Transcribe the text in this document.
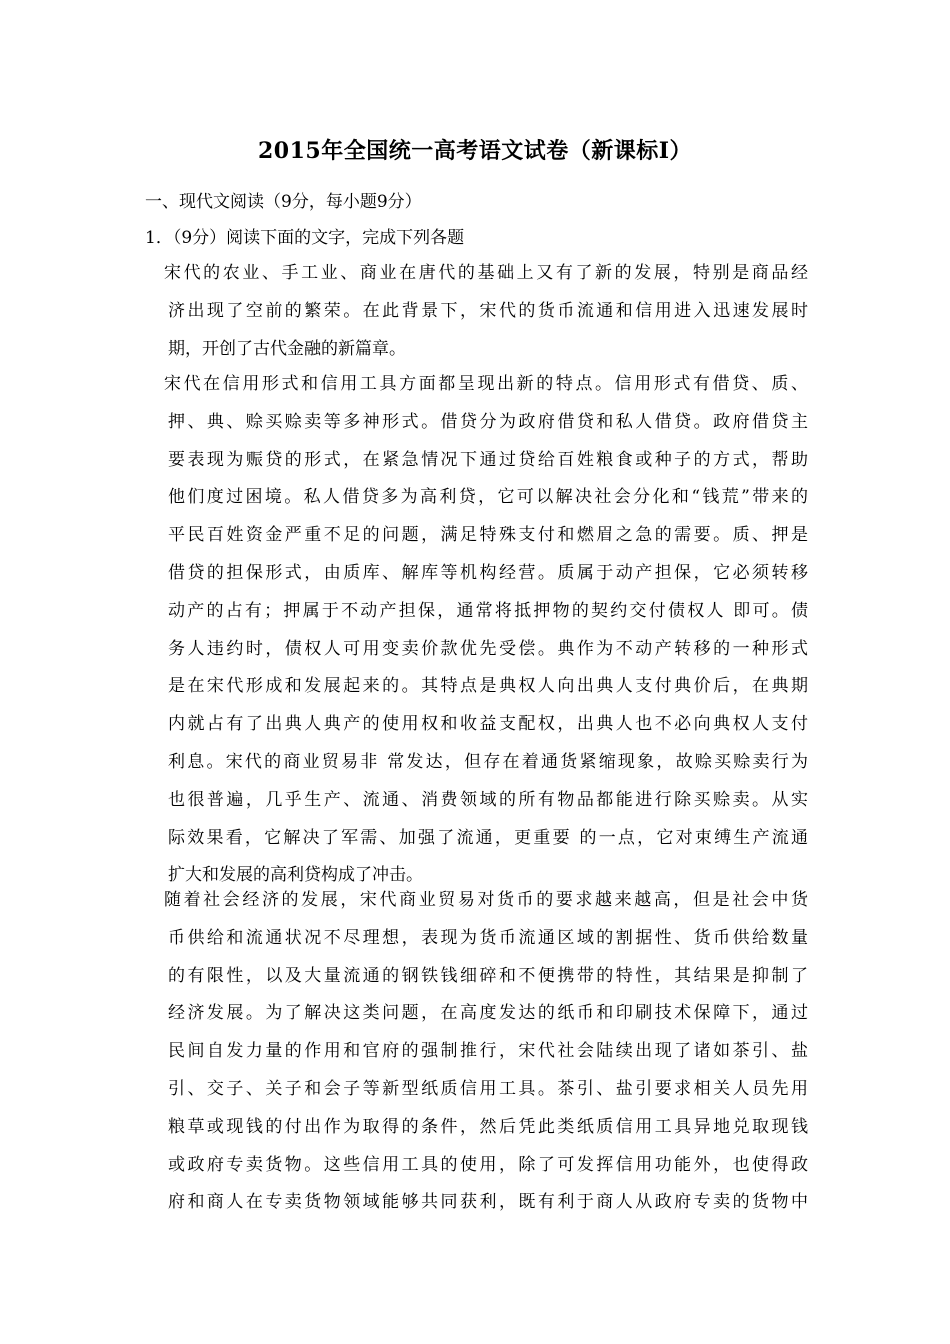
2015年全国统一高考语文试卷（新课标Ⅰ）
一、现代文阅读（9分，每小题9分）
1．（9分）阅读下面的文字，完成下列各题
宋代的农业、手工业、商业在唐代的基础上又有了新的发展，特别是商品经
济出现了空前的繁荣。在此背景下，宋代的货币流通和信用进入迅速发展时
期，开创了古代金融的新篇章。
宋代在信用形式和信用工具方面都呈现出新的特点。信用形式有借贷、质、
押、典、赊买赊卖等多神形式。借贷分为政府借贷和私人借贷。政府借贷主
要表现为赈贷的形式，在紧急情况下通过贷给百姓粮食或种子的方式，帮助
他们度过困境。私人借贷多为高利贷，它可以解决社会分化和“钱荒”带来的
平民百姓资金严重不足的问题，满足特殊支付和燃眉之急的需要。质、押是
借贷的担保形式，由质库、解库等机构经营。质属于动产担保，它必须转移
动产的占有；押属于不动产担保，通常将抵押物的契约交付债权人 即可。债
务人违约时，债权人可用变卖价款优先受偿。典作为不动产转移的一种形式
是在宋代形成和发展起来的。其特点是典权人向出典人支付典价后，在典期
内就占有了出典人典产的使用权和收益支配权，出典人也不必向典权人支付
利息。宋代的商业贸易非 常发达，但存在着通货紧缩现象，故赊买赊卖行为
也很普遍，几乎生产、流通、消费领域的所有物品都能进行除买赊卖。从实
际效果看，它解决了军需、加强了流通，更重要 的一点，它对束缚生产流通
扩大和发展的高利贷构成了冲击。
随着社会经济的发展，宋代商业贸易对货币的要求越来越高，但是社会中货
币供给和流通状况不尽理想，表现为货币流通区域的割据性、货币供给数量
的有限性，以及大量流通的钢铁钱细碎和不便携带的特性，其结果是抑制了
经济发展。为了解决这类问题，在高度发达的纸币和印刷技术保障下，通过
民间自发力量的作用和官府的强制推行，宋代社会陆续出现了诸如茶引、盐
引、交子、关子和会子等新型纸质信用工具。茶引、盐引要求相关人员先用
粮草或现钱的付出作为取得的条件，然后凭此类纸质信用工具异地兑取现钱
或政府专卖货物。这些信用工具的使用，除了可发挥信用功能外，也使得政
府和商人在专卖货物领域能够共同获利，既有利于商人从政府专卖的货物中
